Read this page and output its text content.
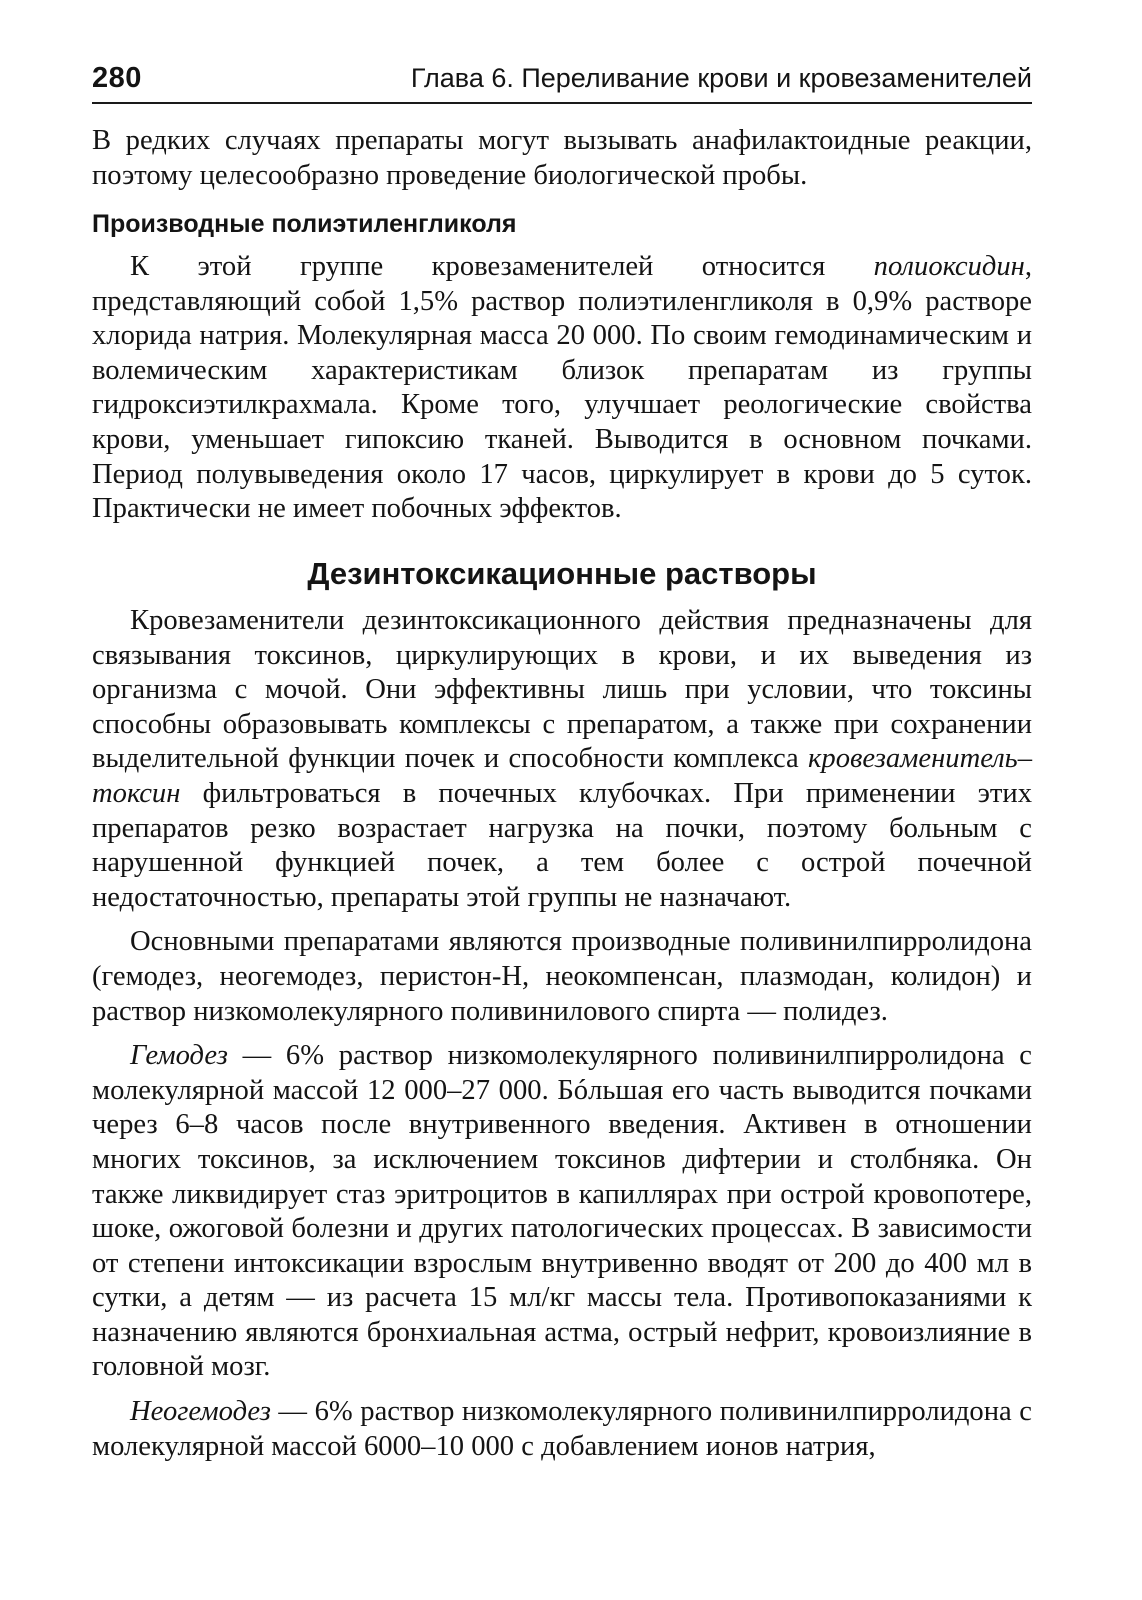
280	Глава 6. Переливание крови и кровезаменителей

В редких случаях препараты могут вызывать анафилактоидные реакции, поэтому целесообразно проведение биологической пробы.

Производные полиэтиленгликоля

К этой группе кровезаменителей относится полиоксидин, представляющий собой 1,5% раствор полиэтиленгликоля в 0,9% растворе хлорида натрия. Молекулярная масса 20 000. По своим гемодинамическим и волемическим характеристикам близок препаратам из группы гидроксиэтилкрахмала. Кроме того, улучшает реологические свойства крови, уменьшает гипоксию тканей. Выводится в основном почками. Период полувыведения около 17 часов, циркулирует в крови до 5 суток. Практически не имеет побочных эффектов.

Дезинтоксикационные растворы

Кровезаменители дезинтоксикационного действия предназначены для связывания токсинов, циркулирующих в крови, и их выведения из организма с мочой. Они эффективны лишь при условии, что токсины способны образовывать комплексы с препаратом, а также при сохранении выделительной функции почек и способности комплекса кровезаменитель–токсин фильтроваться в почечных клубочках. При применении этих препаратов резко возрастает нагрузка на почки, поэтому больным с нарушенной функцией почек, а тем более с острой почечной недостаточностью, препараты этой группы не назначают.

Основными препаратами являются производные поливинилпирролидона (гемодез, неогемодез, перистон-Н, неокомпенсан, плазмодан, колидон) и раствор низкомолекулярного поливинилового спирта — полидез.

Гемодез — 6% раствор низкомолекулярного поливинилпирролидона с молекулярной массой 12 000–27 000. Бóльшая его часть выводится почками через 6–8 часов после внутривенного введения. Активен в отношении многих токсинов, за исключением токсинов дифтерии и столбняка. Он также ликвидирует стаз эритроцитов в капиллярах при острой кровопотере, шоке, ожоговой болезни и других патологических процессах. В зависимости от степени интоксикации взрослым внутривенно вводят от 200 до 400 мл в сутки, а детям — из расчета 15 мл/кг массы тела. Противопоказаниями к назначению являются бронхиальная астма, острый нефрит, кровоизлияние в головной мозг.

Неогемодез — 6% раствор низкомолекулярного поливинилпирролидона с молекулярной массой 6000–10 000 с добавлением ионов натрия,
